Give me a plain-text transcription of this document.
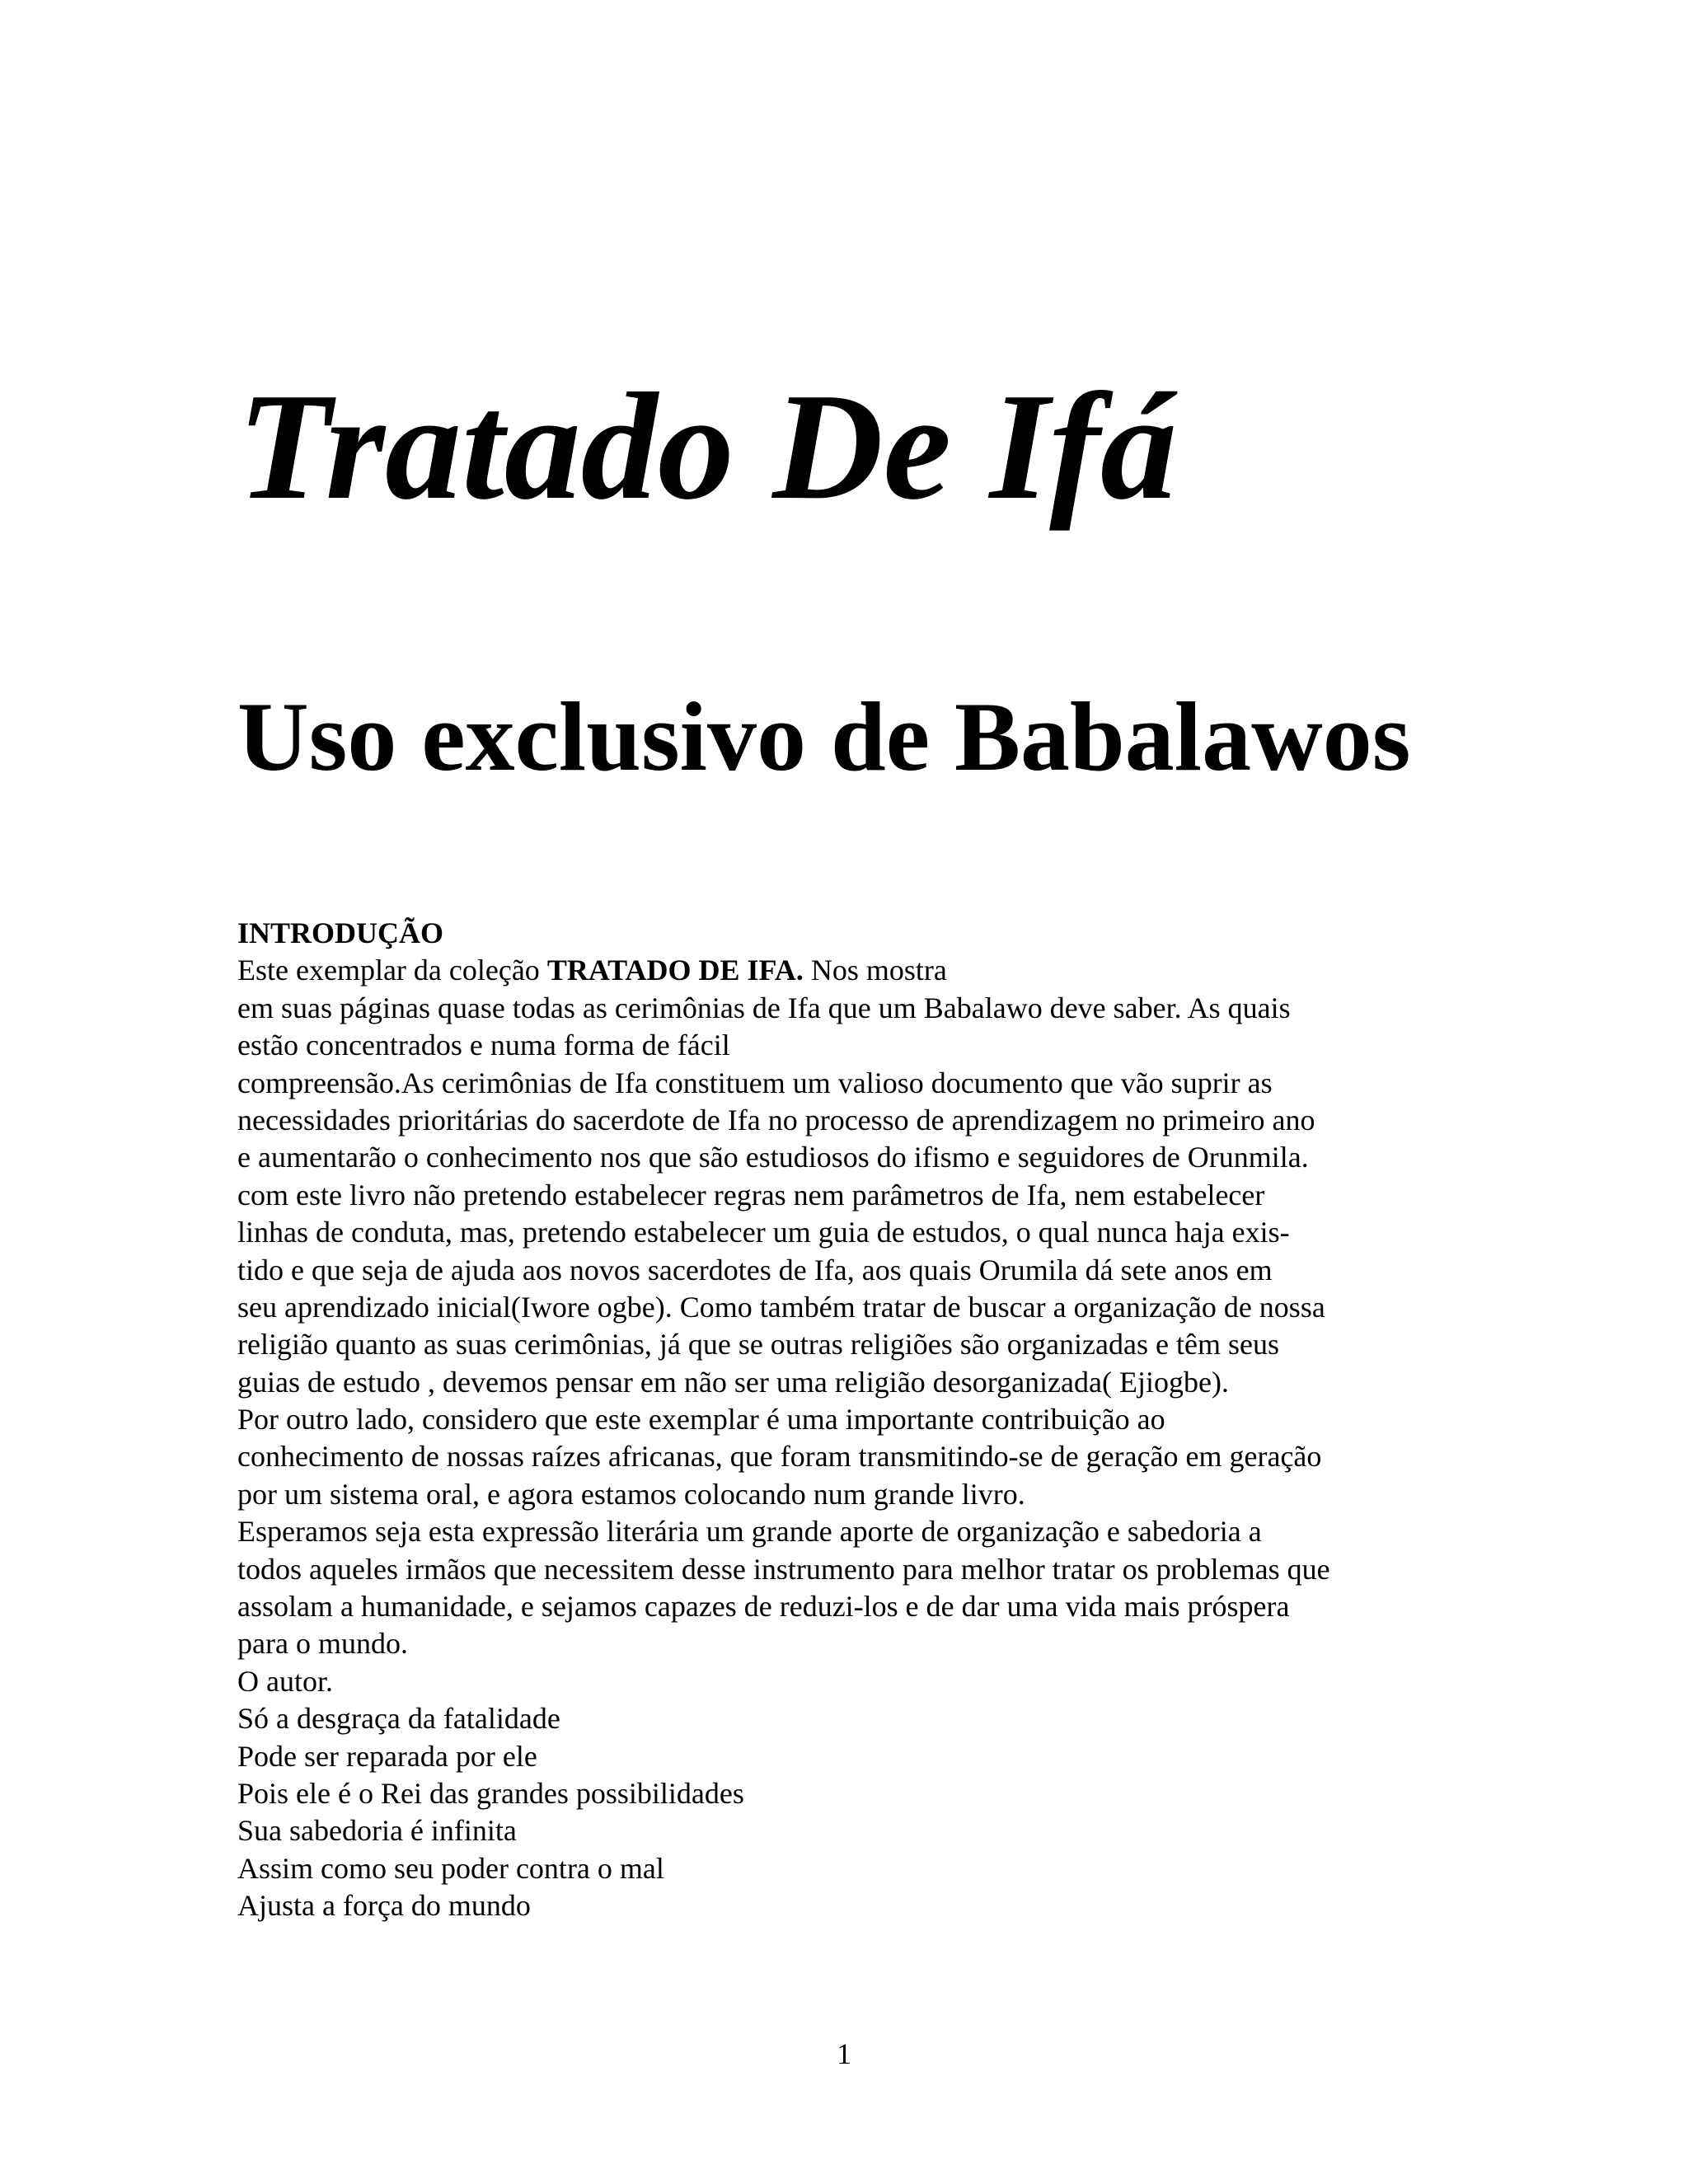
Tratado De Ifá
Uso exclusivo de Babalawos
INTRODUÇÃO
Este exemplar da coleção TRATADO DE IFA. Nos mostra
em suas páginas quase todas as cerimônias de Ifa que um Babalawo deve saber. As quais
estão concentrados e numa forma de fácil
compreensão.As cerimônias de Ifa constituem um valioso documento que vão suprir as
necessidades prioritárias do sacerdote de Ifa no processo de aprendizagem no primeiro ano
e aumentarão o conhecimento nos que são estudiosos do ifismo e seguidores de Orunmila.
com este livro não pretendo estabelecer regras nem parâmetros de Ifa, nem estabelecer
linhas de conduta, mas, pretendo estabelecer um guia de estudos, o qual nunca haja exis-
tido e que seja de ajuda aos novos sacerdotes de Ifa, aos quais Orumila dá sete anos em
seu aprendizado inicial(Iwore ogbe). Como também tratar de buscar a organização de nossa
religião quanto as suas cerimônias, já que se outras religiões são organizadas e têm seus
guias de estudo , devemos pensar em não ser uma religião desorganizada( Ejiogbe).
Por outro lado, considero que este exemplar é uma importante contribuição ao
conhecimento de nossas raízes africanas, que foram transmitindo-se de geração em geração
por um sistema oral, e agora estamos colocando num grande livro.
Esperamos seja esta expressão literária um grande aporte de organização e sabedoria a
todos aqueles irmãos que necessitem desse instrumento para melhor tratar os problemas que
assolam a humanidade, e sejamos capazes de reduzi-los e de dar uma vida mais próspera
para o mundo.
O autor.
Só a desgraça da fatalidade
Pode ser reparada por ele
Pois ele é o Rei das grandes possibilidades
Sua sabedoria é infinita
Assim como seu poder contra o mal
Ajusta a força do mundo
1
